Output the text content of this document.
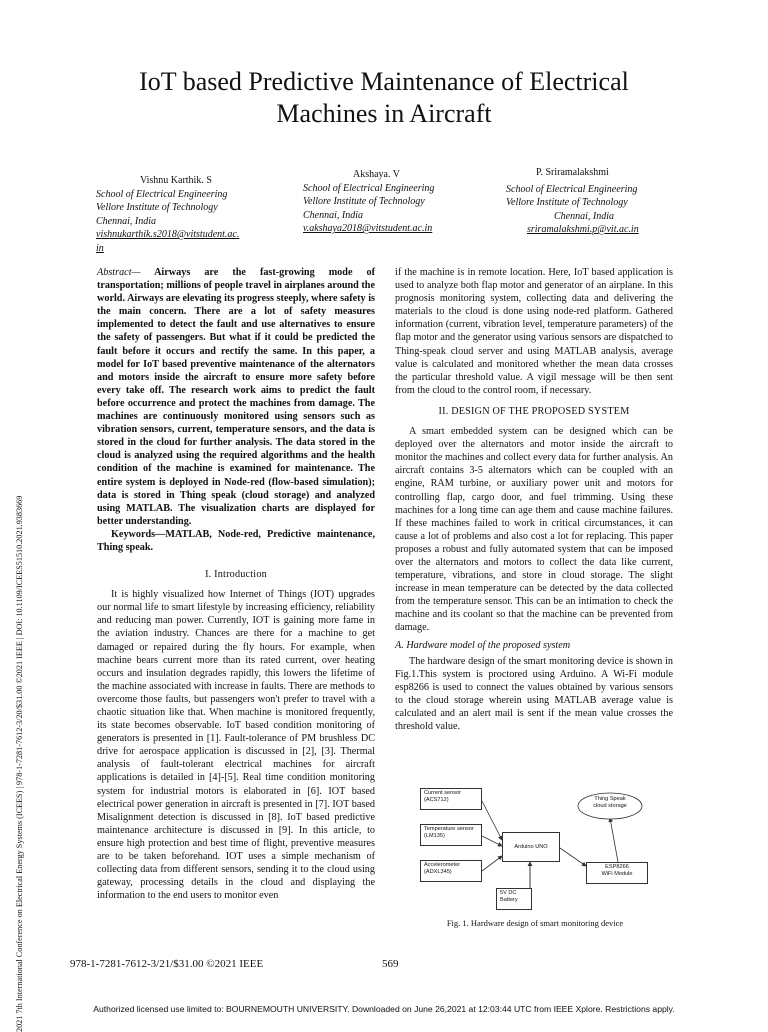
IoT based Predictive Maintenance of Electrical
Machines in Aircraft
2021 7th International Conference on Electrical Energy Systems (ICEES) | 978-1-7281-7612-3/20/$31.00 ©2021 IEEE | DOI: 10.1109/ICEES51510.2021.9383669
Vishnu Karthik. S
School of Electrical Engineering
Vellore Institute of Technology
Chennai, India
vishnukarthik.s2018@vitstudent.ac.
in
Akshaya. V
School of Electrical Engineering
Vellore Institute of Technology
Chennai, India
v.akshaya2018@vitstudent.ac.in
P. Sriramalakshmi
School of Electrical Engineering
Vellore Institute of Technology
Chennai, India
sriramalakshmi.p@vit.ac.in

Abstract— Airways are the fast-growing mode of transportation; millions of people travel in airplanes around the world. Airways are elevating its progress steeply, where safety is the main concern. There are a lot of safety measures implemented to detect the fault and use alternatives to ensure the safety of passengers. But what if it could be predicted the fault before it occurs and rectify the same. In this paper, a model for IoT based preventive maintenance of the alternators and motors inside the aircraft to ensure more safety before every take off. The research work aims to predict the fault before occurrence and protect the machines from damage. The machines are continuously monitored using sensors such as vibration sensors, current, temperature sensors, and the data is stored in the cloud for further analysis. The data stored in the cloud is analyzed using the required algorithms and the health condition of the machine is examined for maintenance. The entire system is deployed in Node-red (flow-based simulation); data is stored in Thing speak (cloud storage) and analyzed using MATLAB. The visualization charts are displayed for better understanding.

Keywords—MATLAB, Node-red, Predictive maintenance, Thing speak.

I. Introduction

It is highly visualized how Internet of Things (IOT) upgrades our normal life to smart lifestyle by increasing efficiency, reliability and reducing man power. Currently, IOT is gaining more fame in the aviation industry. Chances are there for a machine to get damaged or repaired during the fly hours. For example, when machine bears current more than its rated current, over heating occurs and insulation degrades rapidly, this lowers the lifetime of the machine associated with increase in faults. There are methods to overcome those faults, but passengers won't prefer to travel with a chaotic situation like that. When machine is monitored frequently, its state becomes observable. IoT based condition monitoring of generators is presented in [1]. Fault-tolerance of PM brushless DC drive for aerospace application is discussed in [2], [3]. Thermal analysis of fault-tolerant electrical machines for aircraft applications is detailed in [4]-[5]. Real time condition monitoring system for industrial motors is elaborated in [6]. IOT based electrical power generation in aircraft is presented in [7]. IOT based Misalignment detection is discussed in [8]. IoT based predictive maintenance architecture is discussed in [9]. In this article, to ensure high protection and best time of flight, preventive measures are to be taken beforehand. IOT uses a simple mechanism of collecting data from different sensors, sending it to the cloud using gateway, processing details in the cloud and displaying the information to the end users to monitor even

if the machine is in remote location. Here, IoT based application is used to analyze both flap motor and generator of an airplane. In this prognosis monitoring system, collecting data and delivering the materials to the cloud is done using node-red platform. Gathered information (current, vibration level, temperature parameters) of the flap motor and the generator using various sensors are dispatched to Thing-speak cloud server and using MATLAB analysis, average value is calculated and monitored whether the mean data crosses the particular threshold value. A vigil message will be then sent from the cloud to the control room, if necessary.

II. DESIGN OF THE PROPOSED SYSTEM

A smart embedded system can be designed which can be deployed over the alternators and motor inside the aircraft to monitor the machines and collect every data for further analysis. An aircraft contains 3-5 alternators which can be coupled with an engine, RAM turbine, or auxiliary power unit and motors for controlling flap, cargo door, and fuel trimming. Using these machines for a long time can age them and cause machine failures. If these machines failed to work in critical circumstances, it can cause a lot of problems and also cost a lot for replacing. This paper proposes a robust and fully automated system that can be imposed over the alternators and motors to collect the data like current, temperature, vibrations, and store in cloud storage. The slight increase in mean temperature can be detected by the data collected from the temperature sensor. This can be an intimation to check the machine and its coolant so that the machine can be prevented from damage.

A. Hardware model of the proposed system

The hardware design of the smart monitoring device is shown in Fig.1.This system is proctored using Arduino. A Wi-Fi module esp8266 is used to connect the values obtained by various sensors to the cloud storage wherein using MATLAB average value is calculated and an alert mail is sent if the mean value crosses the threshold value.

Current sensor
(ACS712)
Temperature sensor
(LM135)
Accelerometer
(ADXL345)
Arduino UNO
Thing Speak
cloud storage
ESP8266
WiFi Module
5V DC
Battery
Fig. 1. Hardware design of smart monitoring device
978-1-7281-7612-3/21/$31.00 ©2021 IEEE	569
Authorized licensed use limited to: BOURNEMOUTH UNIVERSITY. Downloaded on June 26,2021 at 12:03:44 UTC from IEEE Xplore. Restrictions apply.
